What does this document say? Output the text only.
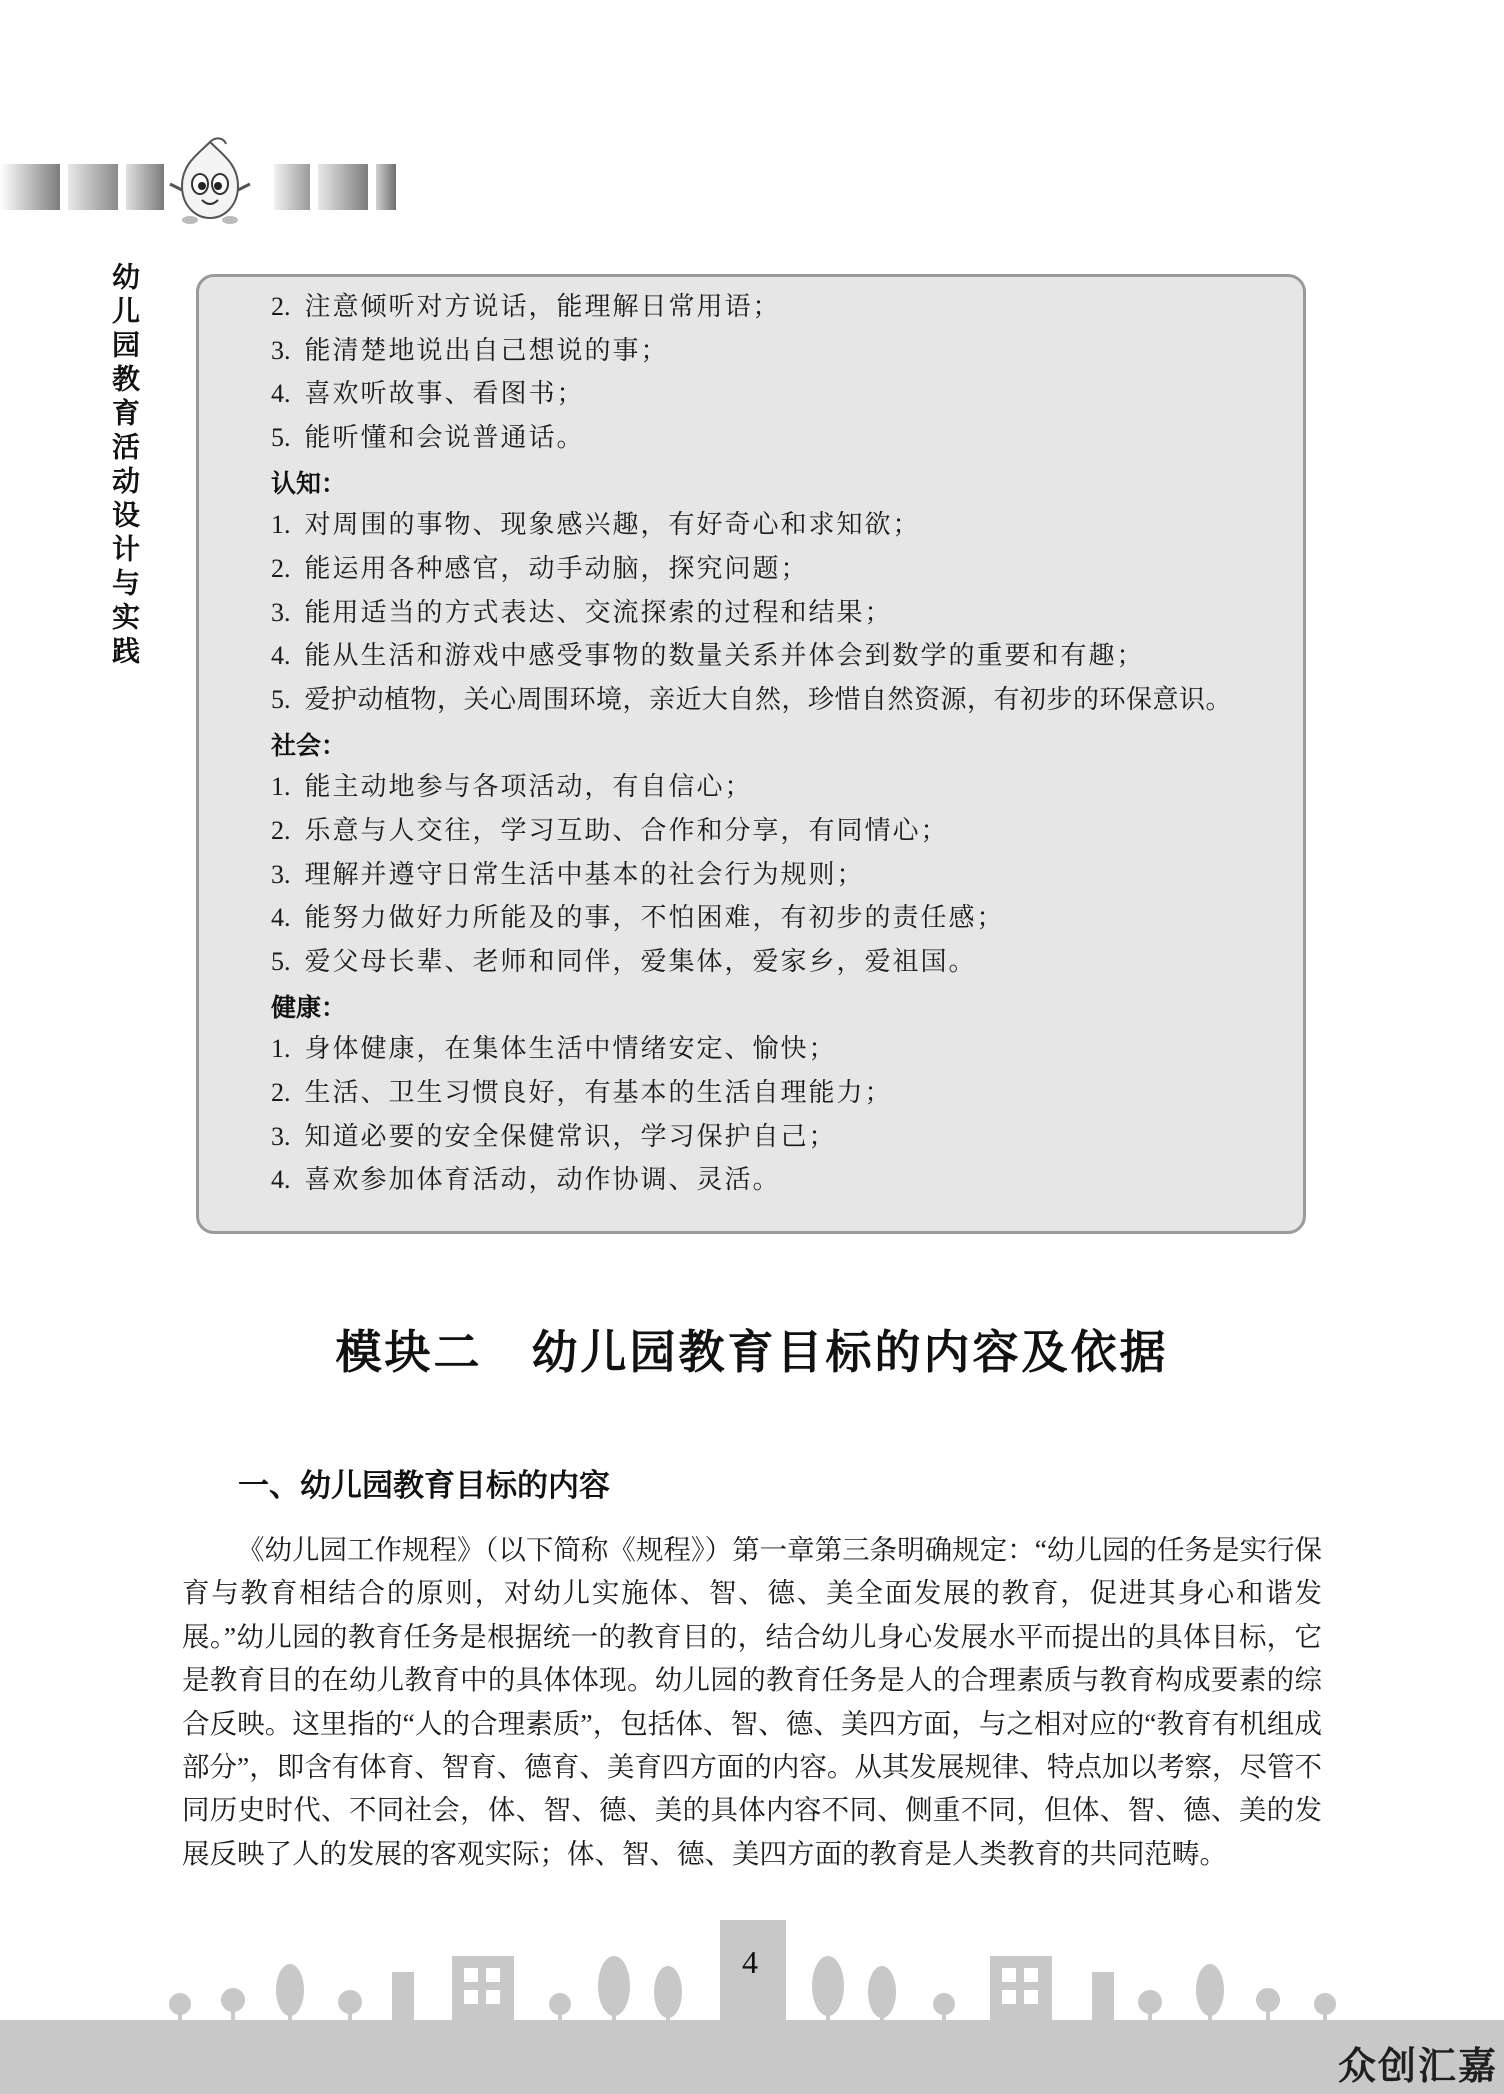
幼儿园教育活动设计与实践	2. 注意倾听对方说话，能理解日常用语；
3. 能清楚地说出自己想说的事；
4. 喜欢听故事、看图书；
5. 能听懂和会说普通话。
认知：
1. 对周围的事物、现象感兴趣，有好奇心和求知欲；
2. 能运用各种感官，动手动脑，探究问题；
3. 能用适当的方式表达、交流探索的过程和结果；
4. 能从生活和游戏中感受事物的数量关系并体会到数学的重要和有趣；
5. 爱护动植物，关心周围环境，亲近大自然，珍惜自然资源，有初步的环保意识。
社会：
1. 能主动地参与各项活动，有自信心；
2. 乐意与人交往，学习互助、合作和分享，有同情心；
3. 理解并遵守日常生活中基本的社会行为规则；
4. 能努力做好力所能及的事，不怕困难，有初步的责任感；
5. 爱父母长辈、老师和同伴，爱集体，爱家乡，爱祖国。
健康：
1. 身体健康，在集体生活中情绪安定、愉快；
2. 生活、卫生习惯良好，有基本的生活自理能力；
3. 知道必要的安全保健常识，学习保护自己；
4. 喜欢参加体育活动，动作协调、灵活。
模块二　幼儿园教育目标的内容及依据
一、幼儿园教育目标的内容

《幼儿园工作规程》（以下简称《规程》）第一章第三条明确规定：“幼儿园的任务是实行保育与教育相结合的原则，对幼儿实施体、智、德、美全面发展的教育，促进其身心和谐发展。”幼儿园的教育任务是根据统一的教育目的，结合幼儿身心发展水平而提出的具体目标，它是教育目的在幼儿教育中的具体体现。幼儿园的教育任务是人的合理素质与教育构成要素的综合反映。这里指的“人的合理素质”，包括体、智、德、美四方面，与之相对应的“教育有机组成部分”，即含有体育、智育、德育、美育四方面的内容。从其发展规律、特点加以考察，尽管不同历史时代、不同社会，体、智、德、美的具体内容不同、侧重不同，但体、智、德、美的发展反映了人的发展的客观实际；体、智、德、美四方面的教育是人类教育的共同范畴。

4
众创汇嘉
